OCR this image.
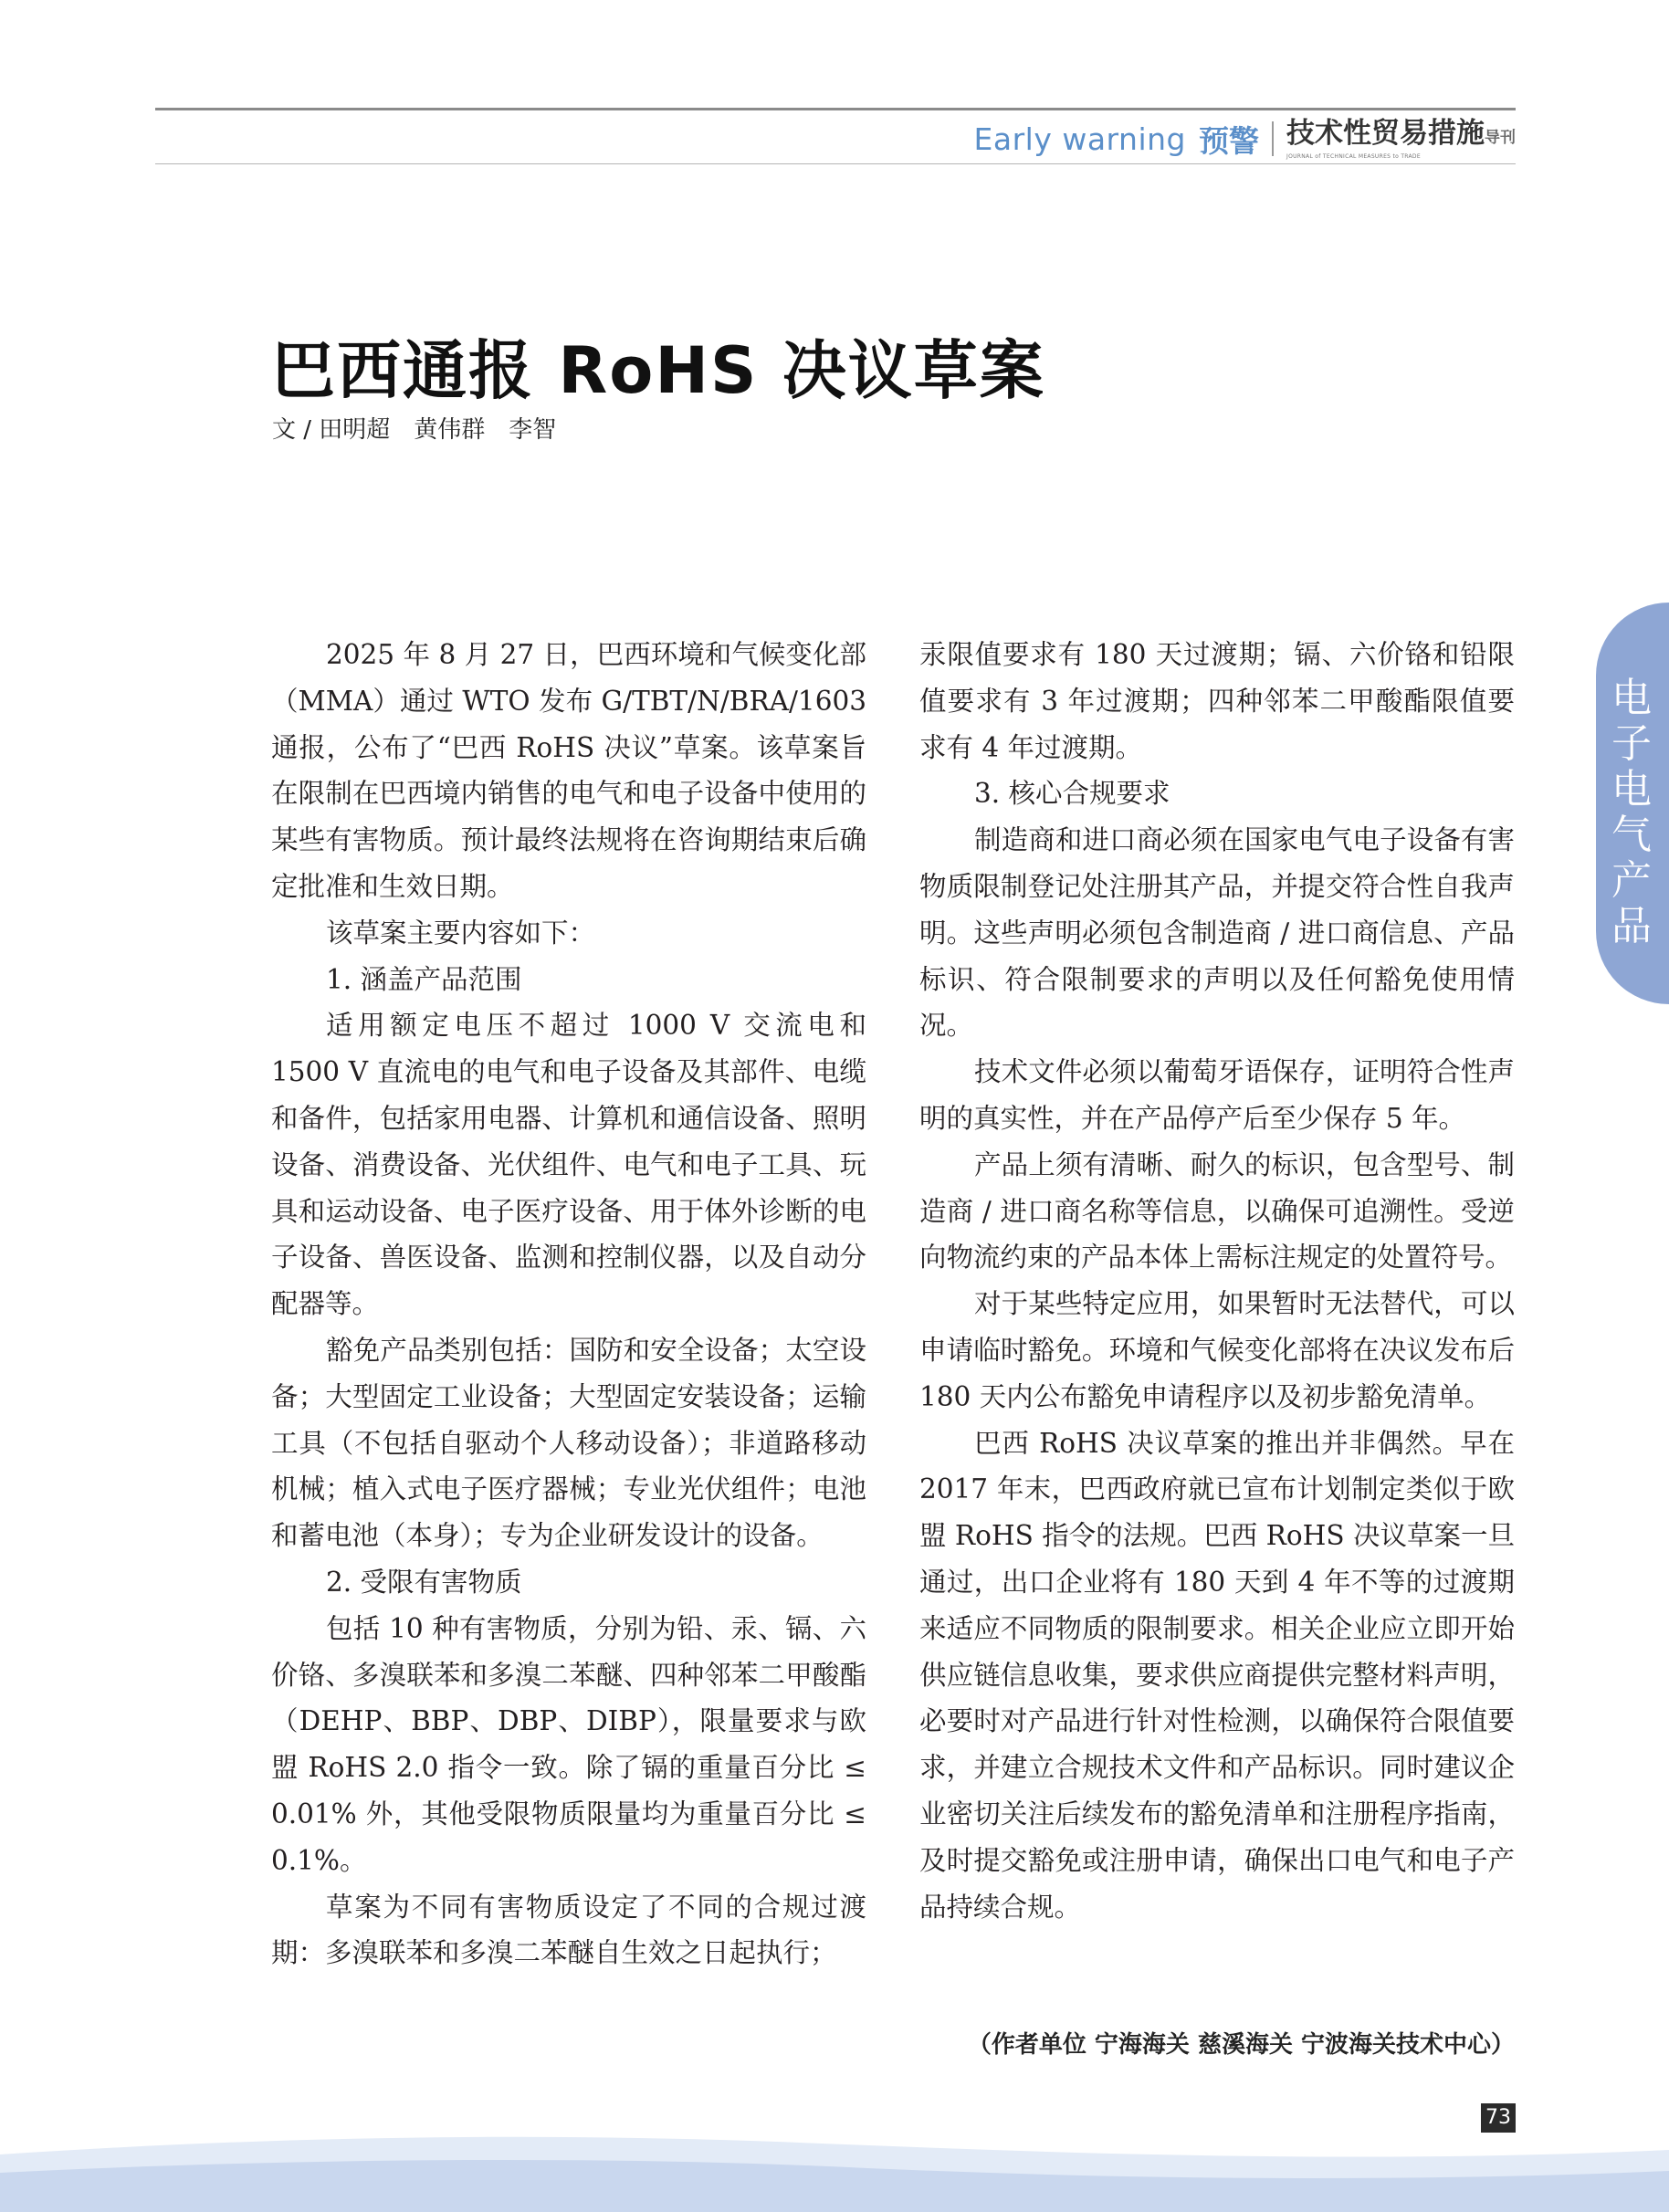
Early warning 预警 技术性贸易措施导刊
JOURNAL of TECHNICAL MEASURES to TRADE
巴西通报 RoHS 决议草案
文 / 田明超　黄伟群　李智
电子电气产品

2025 年 8 月 27 日，巴西环境和气候变化部（MMA）通过 WTO 发布 G/TBT/N/BRA/1603 通报，公布了“巴西 RoHS 决议”草案。该草案旨在限制在巴西境内销售的电气和电子设备中使用的某些有害物质。预计最终法规将在咨询期结束后确定批准和生效日期。

该草案主要内容如下：

1. 涵盖产品范围

适用额定电压不超过 1000 V 交流电和 1500 V 直流电的电气和电子设备及其部件、电缆和备件，包括家用电器、计算机和通信设备、照明设备、消费设备、光伏组件、电气和电子工具、玩具和运动设备、电子医疗设备、用于体外诊断的电子设备、兽医设备、监测和控制仪器，以及自动分配器等。

豁免产品类别包括：国防和安全设备；太空设备；大型固定工业设备；大型固定安装设备；运输工具（不包括自驱动个人移动设备）；非道路移动机械；植入式电子医疗器械；专业光伏组件；电池和蓄电池（本身）；专为企业研发设计的设备。

2. 受限有害物质

包括 10 种有害物质，分别为铅、汞、镉、六价铬、多溴联苯和多溴二苯醚、四种邻苯二甲酸酯（DEHP、BBP、DBP、DIBP），限量要求与欧盟 RoHS 2.0 指令一致。除了镉的重量百分比 ≤ 0.01% 外，其他受限物质限量均为重量百分比 ≤ 0.1%。

草案为不同有害物质设定了不同的合规过渡期：多溴联苯和多溴二苯醚自生效之日起执行；

汞限值要求有 180 天过渡期；镉、六价铬和铅限值要求有 3 年过渡期；四种邻苯二甲酸酯限值要求有 4 年过渡期。

3. 核心合规要求

制造商和进口商必须在国家电气电子设备有害物质限制登记处注册其产品，并提交符合性自我声明。这些声明必须包含制造商 / 进口商信息、产品标识、符合限制要求的声明以及任何豁免使用情况。

技术文件必须以葡萄牙语保存，证明符合性声明的真实性，并在产品停产后至少保存 5 年。

产品上须有清晰、耐久的标识，包含型号、制造商 / 进口商名称等信息，以确保可追溯性。受逆向物流约束的产品本体上需标注规定的处置符号。

对于某些特定应用，如果暂时无法替代，可以申请临时豁免。环境和气候变化部将在决议发布后 180 天内公布豁免申请程序以及初步豁免清单。

巴西 RoHS 决议草案的推出并非偶然。早在 2017 年末，巴西政府就已宣布计划制定类似于欧盟 RoHS 指令的法规。巴西 RoHS 决议草案一旦通过，出口企业将有 180 天到 4 年不等的过渡期来适应不同物质的限制要求。相关企业应立即开始供应链信息收集，要求供应商提供完整材料声明，必要时对产品进行针对性检测，以确保符合限值要求，并建立合规技术文件和产品标识。同时建议企业密切关注后续发布的豁免清单和注册程序指南，及时提交豁免或注册申请，确保出口电气和电子产品持续合规。

（作者单位 宁海海关 慈溪海关 宁波海关技术中心）
73
